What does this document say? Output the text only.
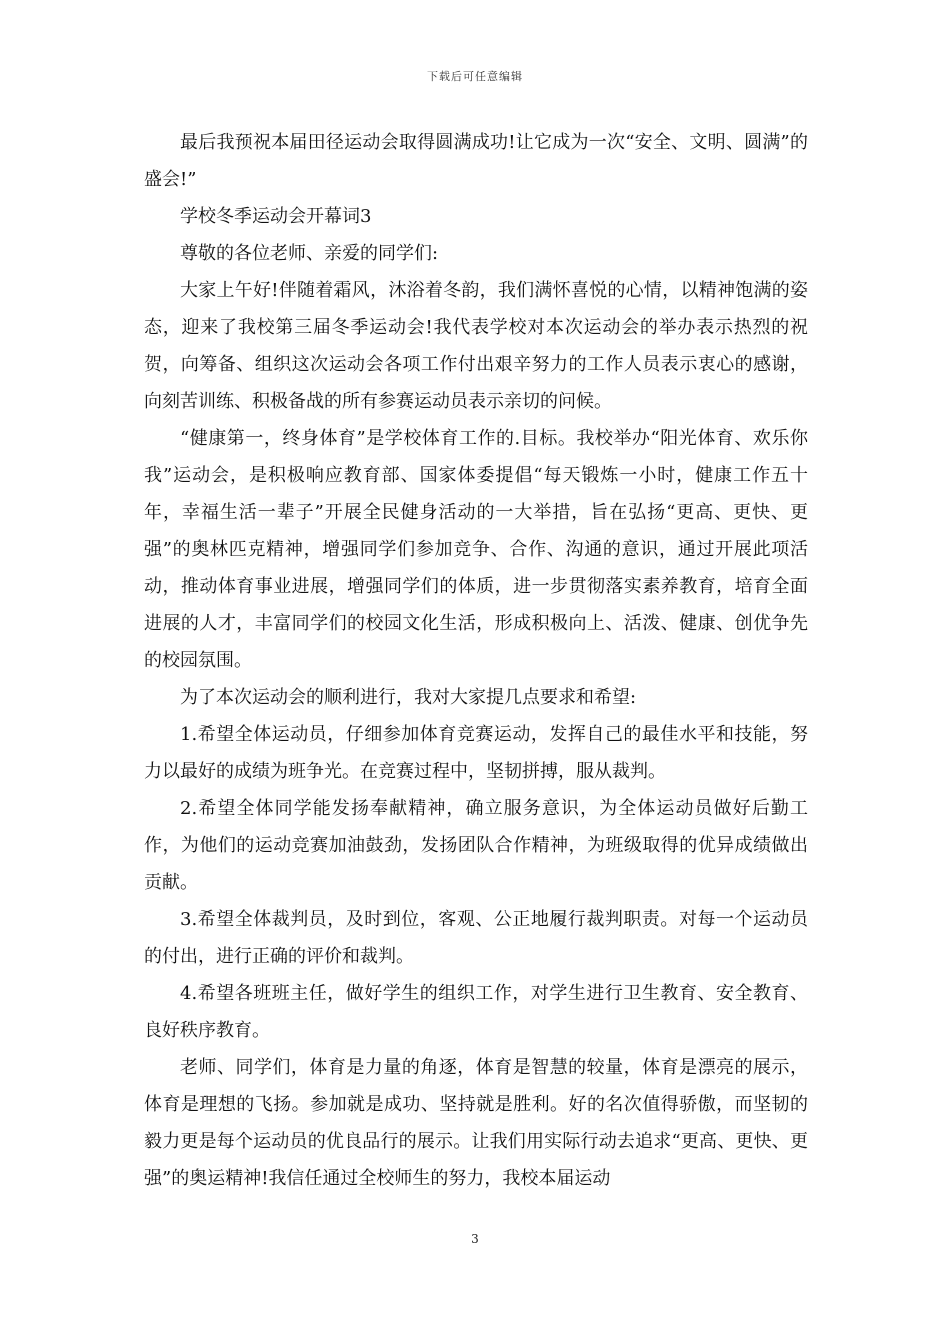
下载后可任意编辑

最后我预祝本届田径运动会取得圆满成功!让它成为一次“安全、文明、圆满”的盛会!”

学校冬季运动会开幕词3

尊敬的各位老师、亲爱的同学们:

大家上午好!伴随着霜风，沐浴着冬韵，我们满怀喜悦的心情，以精神饱满的姿态，迎来了我校第三届冬季运动会!我代表学校对本次运动会的举办表示热烈的祝贺，向筹备、组织这次运动会各项工作付出艰辛努力的工作人员表示衷心的感谢，向刻苦训练、积极备战的所有参赛运动员表示亲切的问候。

“健康第一，终身体育”是学校体育工作的.目标。我校举办“阳光体育、欢乐你我”运动会，是积极响应教育部、国家体委提倡“每天锻炼一小时，健康工作五十年，幸福生活一辈子”开展全民健身活动的一大举措，旨在弘扬“更高、更快、更强”的奥林匹克精神，增强同学们参加竞争、合作、沟通的意识，通过开展此项活动，推动体育事业进展，增强同学们的体质，进一步贯彻落实素养教育，培育全面进展的人才，丰富同学们的校园文化生活，形成积极向上、活泼、健康、创优争先的校园氛围。

为了本次运动会的顺利进行，我对大家提几点要求和希望:

1.希望全体运动员，仔细参加体育竞赛运动，发挥自己的最佳水平和技能，努力以最好的成绩为班争光。在竞赛过程中，坚韧拼搏，服从裁判。

2.希望全体同学能发扬奉献精神，确立服务意识，为全体运动员做好后勤工作，为他们的运动竞赛加油鼓劲，发扬团队合作精神，为班级取得的优异成绩做出贡献。

3.希望全体裁判员，及时到位，客观、公正地履行裁判职责。对每一个运动员的付出，进行正确的评价和裁判。

4.希望各班班主任，做好学生的组织工作，对学生进行卫生教育、安全教育、良好秩序教育。

老师、同学们，体育是力量的角逐，体育是智慧的较量，体育是漂亮的展示，体育是理想的飞扬。参加就是成功、坚持就是胜利。好的名次值得骄傲，而坚韧的毅力更是每个运动员的优良品行的展示。让我们用实际行动去追求“更高、更快、更强”的奥运精神!我信任通过全校师生的努力，我校本届运动

3
